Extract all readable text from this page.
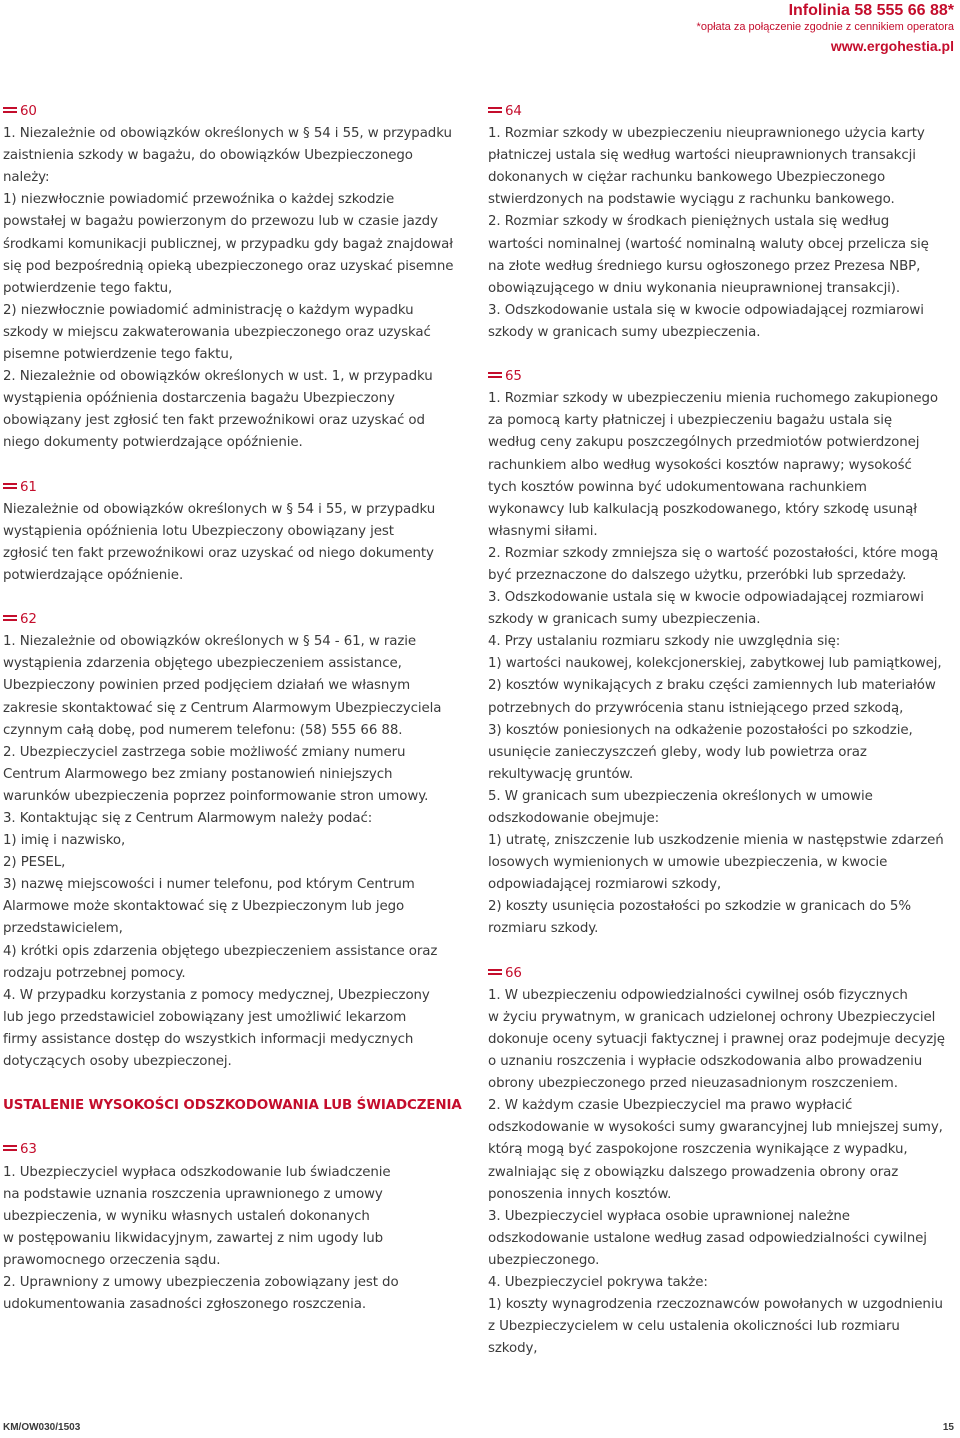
Infolinia 58 555 66 88*
*opłata za połączenie zgodnie z cennikiem operatora
www.ergohestia.pl
60
1. Niezależnie od obowiązków określonych w § 54 i 55, w przypadku
zaistnienia szkody w bagażu, do obowiązków Ubezpieczonego
należy:
1) niezwłocznie powiadomić przewoźnika o każdej szkodzie
powstałej w bagażu powierzonym do przewozu lub w czasie jazdy
środkami komunikacji publicznej, w przypadku gdy bagaż znajdował
się pod bezpośrednią opieką ubezpieczonego oraz uzyskać pisemne
potwierdzenie tego faktu,
2) niezwłocznie powiadomić administrację o każdym wypadku
szkody w miejscu zakwaterowania ubezpieczonego oraz uzyskać
pisemne potwierdzenie tego faktu,
2. Niezależnie od obowiązków określonych w ust. 1, w przypadku
wystąpienia opóźnienia dostarczenia bagażu Ubezpieczony
obowiązany jest zgłosić ten fakt przewoźnikowi oraz uzyskać od
niego dokumenty potwierdzające opóźnienie.
61
Niezależnie od obowiązków określonych w § 54 i 55, w przypadku
wystąpienia opóźnienia lotu Ubezpieczony obowiązany jest
zgłosić ten fakt przewoźnikowi oraz uzyskać od niego dokumenty
potwierdzające opóźnienie.
62
1. Niezależnie od obowiązków określonych w § 54 - 61, w razie
wystąpienia zdarzenia objętego ubezpieczeniem assistance,
Ubezpieczony powinien przed podjęciem działań we własnym
zakresie skontaktować się z Centrum Alarmowym Ubezpieczyciela
czynnym całą dobę, pod numerem telefonu: (58) 555 66 88.
2. Ubezpieczyciel zastrzega sobie możliwość zmiany numeru
Centrum Alarmowego bez zmiany postanowień niniejszych
warunków ubezpieczenia poprzez poinformowanie stron umowy.
3. Kontaktując się z Centrum Alarmowym należy podać:
1) imię i nazwisko,
2) PESEL,
3) nazwę miejscowości i numer telefonu, pod którym Centrum
Alarmowe może skontaktować się z Ubezpieczonym lub jego
przedstawicielem,
4) krótki opis zdarzenia objętego ubezpieczeniem assistance oraz
rodzaju potrzebnej pomocy.
4. W przypadku korzystania z pomocy medycznej, Ubezpieczony
lub jego przedstawiciel zobowiązany jest umożliwić lekarzom
firmy assistance dostęp do wszystkich informacji medycznych
dotyczących osoby ubezpieczonej.
USTALENIE WYSOKOŚCI ODSZKODOWANIA LUB ŚWIADCZENIA
63
1. Ubezpieczyciel wypłaca odszkodowanie lub świadczenie
na podstawie uznania roszczenia uprawnionego z umowy
ubezpieczenia, w wyniku własnych ustaleń dokonanych
w postępowaniu likwidacyjnym, zawartej z nim ugody lub
prawomocnego orzeczenia sądu.
2. Uprawniony z umowy ubezpieczenia zobowiązany jest do
udokumentowania zasadności zgłoszonego roszczenia.
64
1. Rozmiar szkody w ubezpieczeniu nieuprawnionego użycia karty
płatniczej ustala się według wartości nieuprawnionych transakcji
dokonanych w ciężar rachunku bankowego Ubezpieczonego
stwierdzonych na podstawie wyciągu z rachunku bankowego.
2. Rozmiar szkody w środkach pieniężnych ustala się według
wartości nominalnej (wartość nominalną waluty obcej przelicza się
na złote według średniego kursu ogłoszonego przez Prezesa NBP,
obowiązującego w dniu wykonania nieuprawnionej transakcji).
3. Odszkodowanie ustala się w kwocie odpowiadającej rozmiarowi
szkody w granicach sumy ubezpieczenia.
65
1. Rozmiar szkody w ubezpieczeniu mienia ruchomego zakupionego
za pomocą karty płatniczej i ubezpieczeniu bagażu ustala się
według ceny zakupu poszczególnych przedmiotów potwierdzonej
rachunkiem albo według wysokości kosztów naprawy; wysokość
tych kosztów powinna być udokumentowana rachunkiem
wykonawcy lub kalkulacją poszkodowanego, który szkodę usunął
własnymi siłami.
2. Rozmiar szkody zmniejsza się o wartość pozostałości, które mogą
być przeznaczone do dalszego użytku, przeróbki lub sprzedaży.
3. Odszkodowanie ustala się w kwocie odpowiadającej rozmiarowi
szkody w granicach sumy ubezpieczenia.
4. Przy ustalaniu rozmiaru szkody nie uwzględnia się:
1) wartości naukowej, kolekcjonerskiej, zabytkowej lub pamiątkowej,
2) kosztów wynikających z braku części zamiennych lub materiałów
potrzebnych do przywrócenia stanu istniejącego przed szkodą,
3) kosztów poniesionych na odkażenie pozostałości po szkodzie,
usunięcie zanieczyszczeń gleby, wody lub powietrza oraz
rekultywację gruntów.
5. W granicach sum ubezpieczenia określonych w umowie
odszkodowanie obejmuje:
1) utratę, zniszczenie lub uszkodzenie mienia w następstwie zdarzeń
losowych wymienionych w umowie ubezpieczenia, w kwocie
odpowiadającej rozmiarowi szkody,
2) koszty usunięcia pozostałości po szkodzie w granicach do 5%
rozmiaru szkody.
66
1. W ubezpieczeniu odpowiedzialności cywilnej osób fizycznych
w życiu prywatnym, w granicach udzielonej ochrony Ubezpieczyciel
dokonuje oceny sytuacji faktycznej i prawnej oraz podejmuje decyzję
o uznaniu roszczenia i wypłacie odszkodowania albo prowadzeniu
obrony ubezpieczonego przed nieuzasadnionym roszczeniem.
2. W każdym czasie Ubezpieczyciel ma prawo wypłacić
odszkodowanie w wysokości sumy gwarancyjnej lub mniejszej sumy,
którą mogą być zaspokojone roszczenia wynikające z wypadku,
zwalniając się z obowiązku dalszego prowadzenia obrony oraz
ponoszenia innych kosztów.
3. Ubezpieczyciel wypłaca osobie uprawnionej należne
odszkodowanie ustalone według zasad odpowiedzialności cywilnej
ubezpieczonego.
4. Ubezpieczyciel pokrywa także:
1) koszty wynagrodzenia rzeczoznawców powołanych w uzgodnieniu
z Ubezpieczycielem w celu ustalenia okoliczności lub rozmiaru
szkody,
KM/OW030/1503	15
